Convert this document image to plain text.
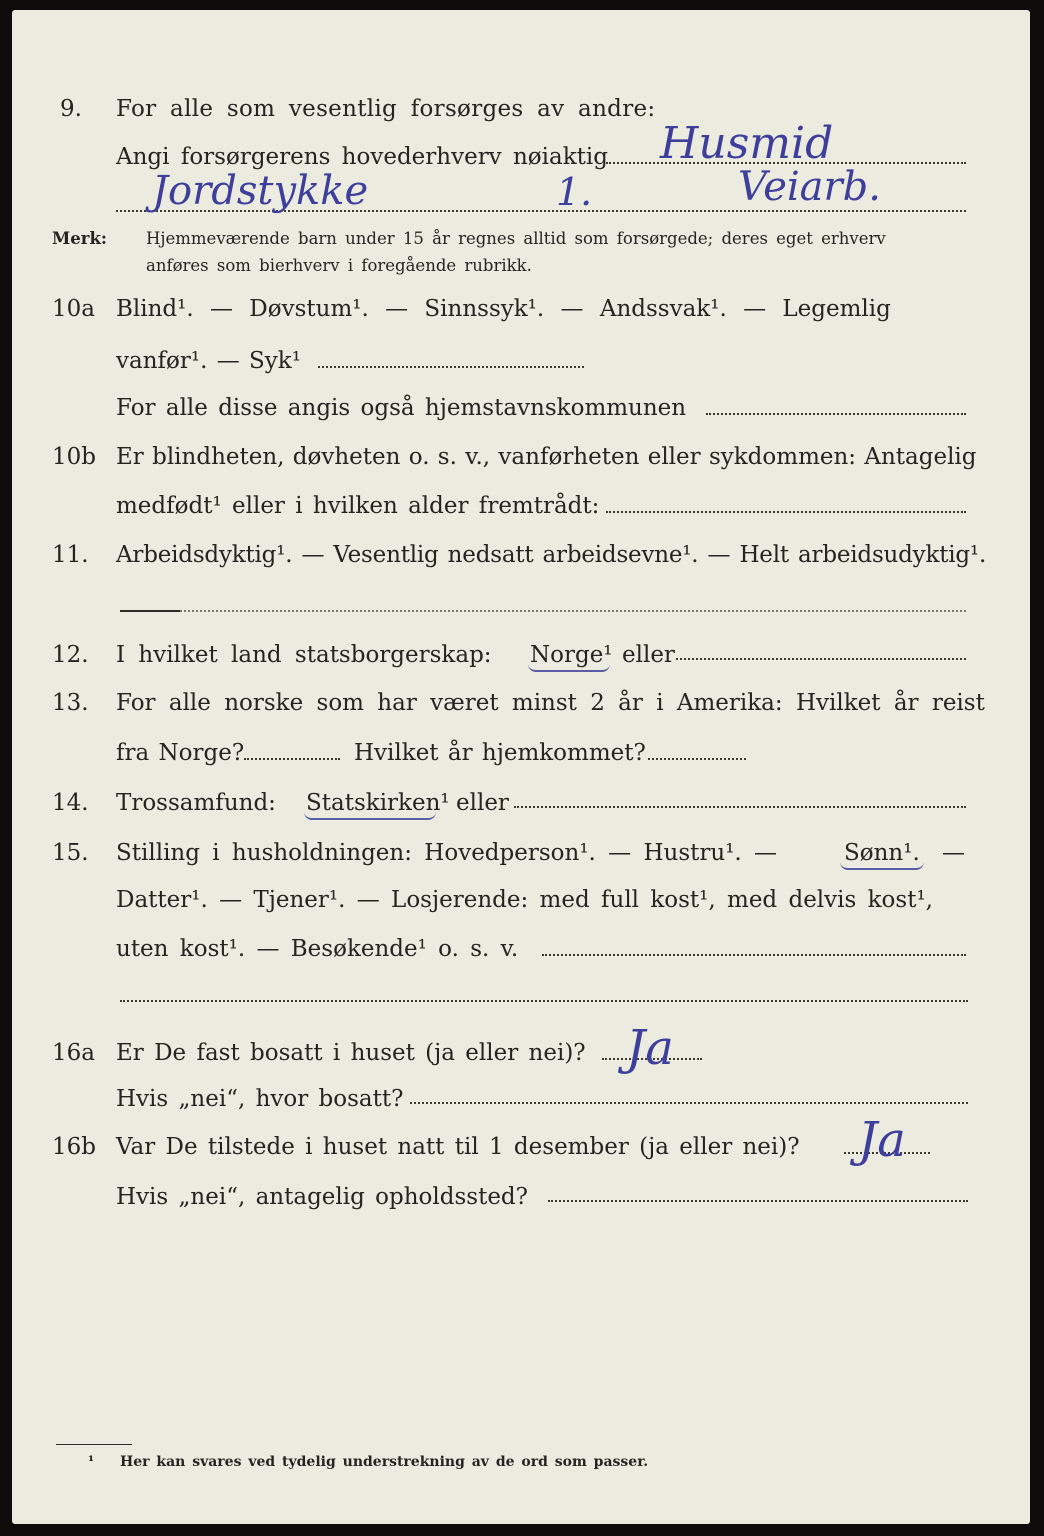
9. For alle som vesentlig forsørges av andre:
Angi forsørgerens hovederhverv nøiaktig Husmid
Jordstykke	1.	Veiarb.
Merk: Hjemmeværende barn under 15 år regnes alltid som forsørgede; deres eget erhverv
anføres som bierhverv i foregående rubrikk.
10a Blind¹. — Døvstum¹. — Sinnssyk¹. — Andssvak¹. — Legemlig
vanfør¹. — Syk¹
For alle disse angis også hjemstavnskommunen
10b Er blindheten, døvheten o. s. v., vanførheten eller sykdommen: Antagelig
medfødt¹ eller i hvilken alder fremtrådt:
11. Arbeidsdyktig¹. — Vesentlig nedsatt arbeidsevne¹. — Helt arbeidsudyktig¹.
12. I hvilket land statsborgerskap: Norge¹ eller
13. For alle norske som har været minst 2 år i Amerika: Hvilket år reist
fra Norge?	Hvilket år hjemkommet?
14. Trossamfund: Statskirken¹ eller
15. Stilling i husholdningen: Hovedperson¹. — Hustru¹. —	Sønn¹. —
Datter¹. — Tjener¹. — Losjerende: med full kost¹, med delvis kost¹,
uten kost¹. — Besøkende¹ o. s. v.
16a Er De fast bosatt i huset (ja eller nei)? Ja
Hvis „nei“, hvor bosatt?
16b Var De tilstede i huset natt til 1 desember (ja eller nei)? Ja
Hvis „nei“, antagelig opholdssted?
¹ Her kan svares ved tydelig understrekning av de ord som passer.
